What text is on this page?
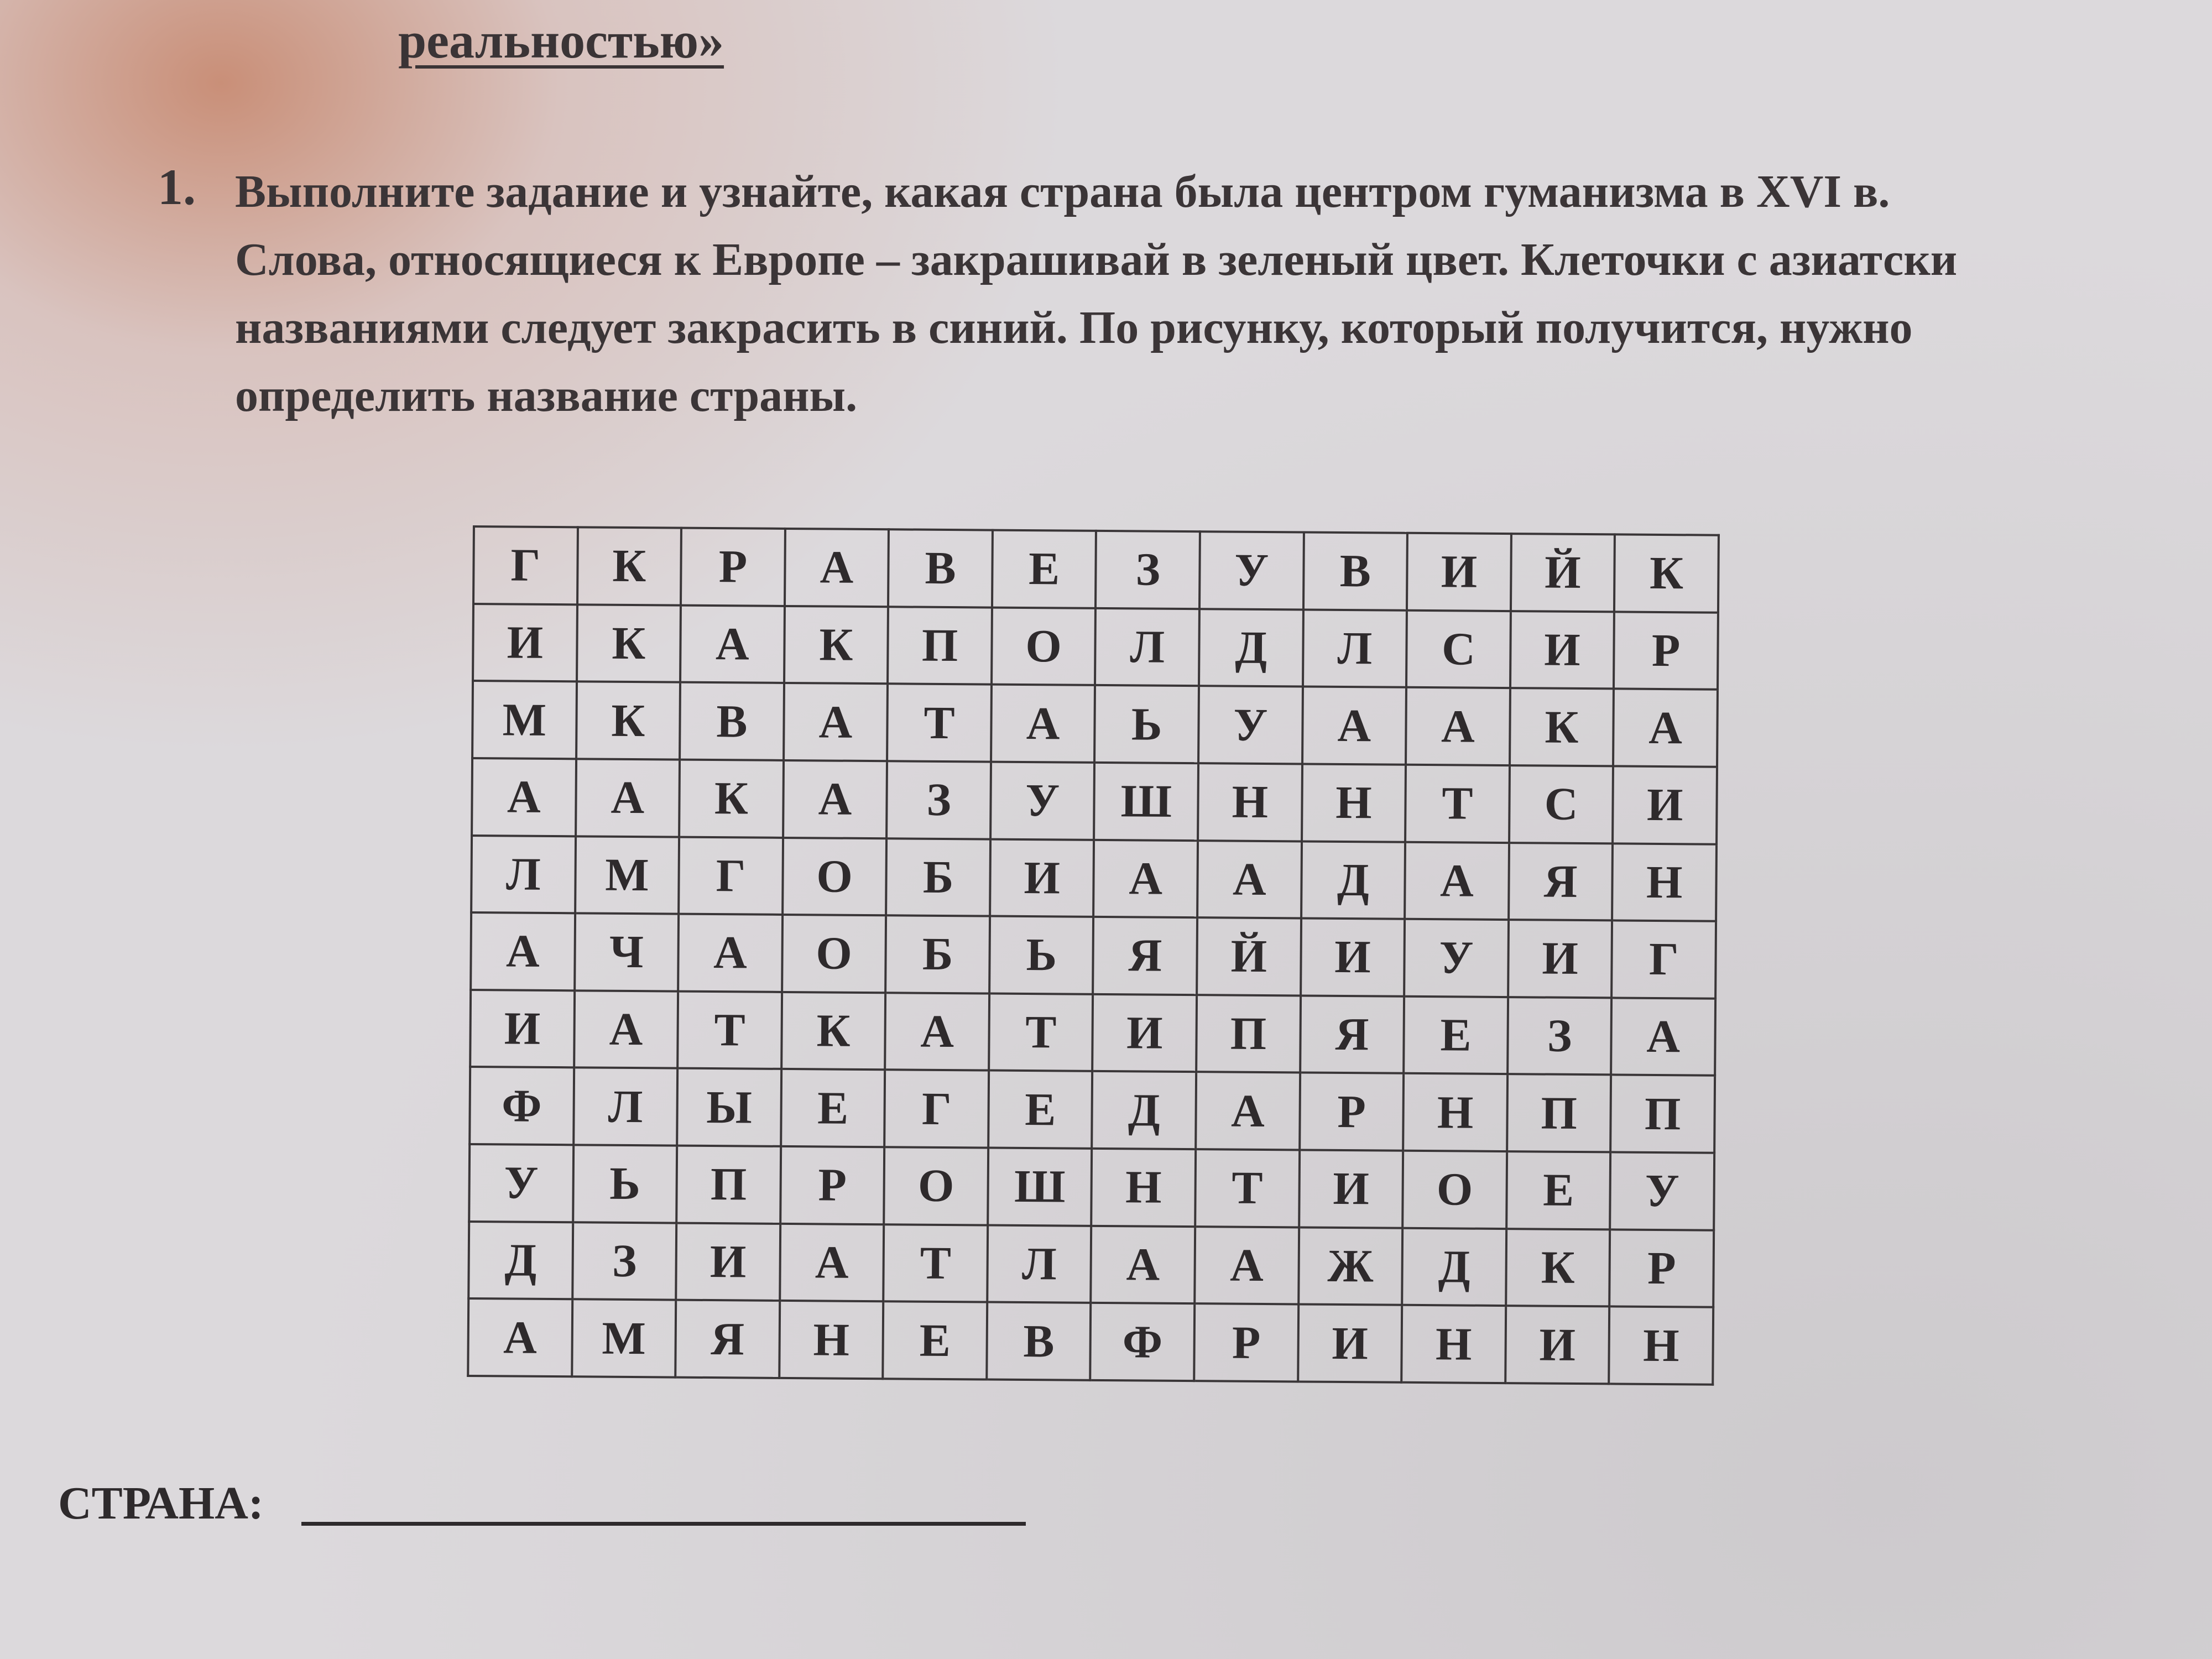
реальностью»
1. Выполните задание и узнайте, какая страна была центром гуманизма в XVI в.
Слова, относящиеся к Европе – закрашивай в зеленый цвет. Клеточки с азиатски
названиями следует закрасить в синий. По рисунку, который получится, нужно
определить название страны.
Г	К	Р	А	В	Е	З	У	В	И	Й	К
И	К	А	К	П	О	Л	Д	Л	С	И	Р
М	К	В	А	Т	А	Ь	У	А	А	К	А
А	А	К	А	З	У	Ш	Н	Н	Т	С	И
Л	М	Г	О	Б	И	А	А	Д	А	Я	Н
А	Ч	А	О	Б	Ь	Я	Й	И	У	И	Г
И	А	Т	К	А	Т	И	П	Я	Е	З	А
Ф	Л	Ы	Е	Г	Е	Д	А	Р	Н	П	П
У	Ь	П	Р	О	Ш	Н	Т	И	О	Е	У
Д	З	И	А	Т	Л	А	А	Ж	Д	К	Р
А	М	Я	Н	Е	В	Ф	Р	И	Н	И	Н
СТРАНА:
